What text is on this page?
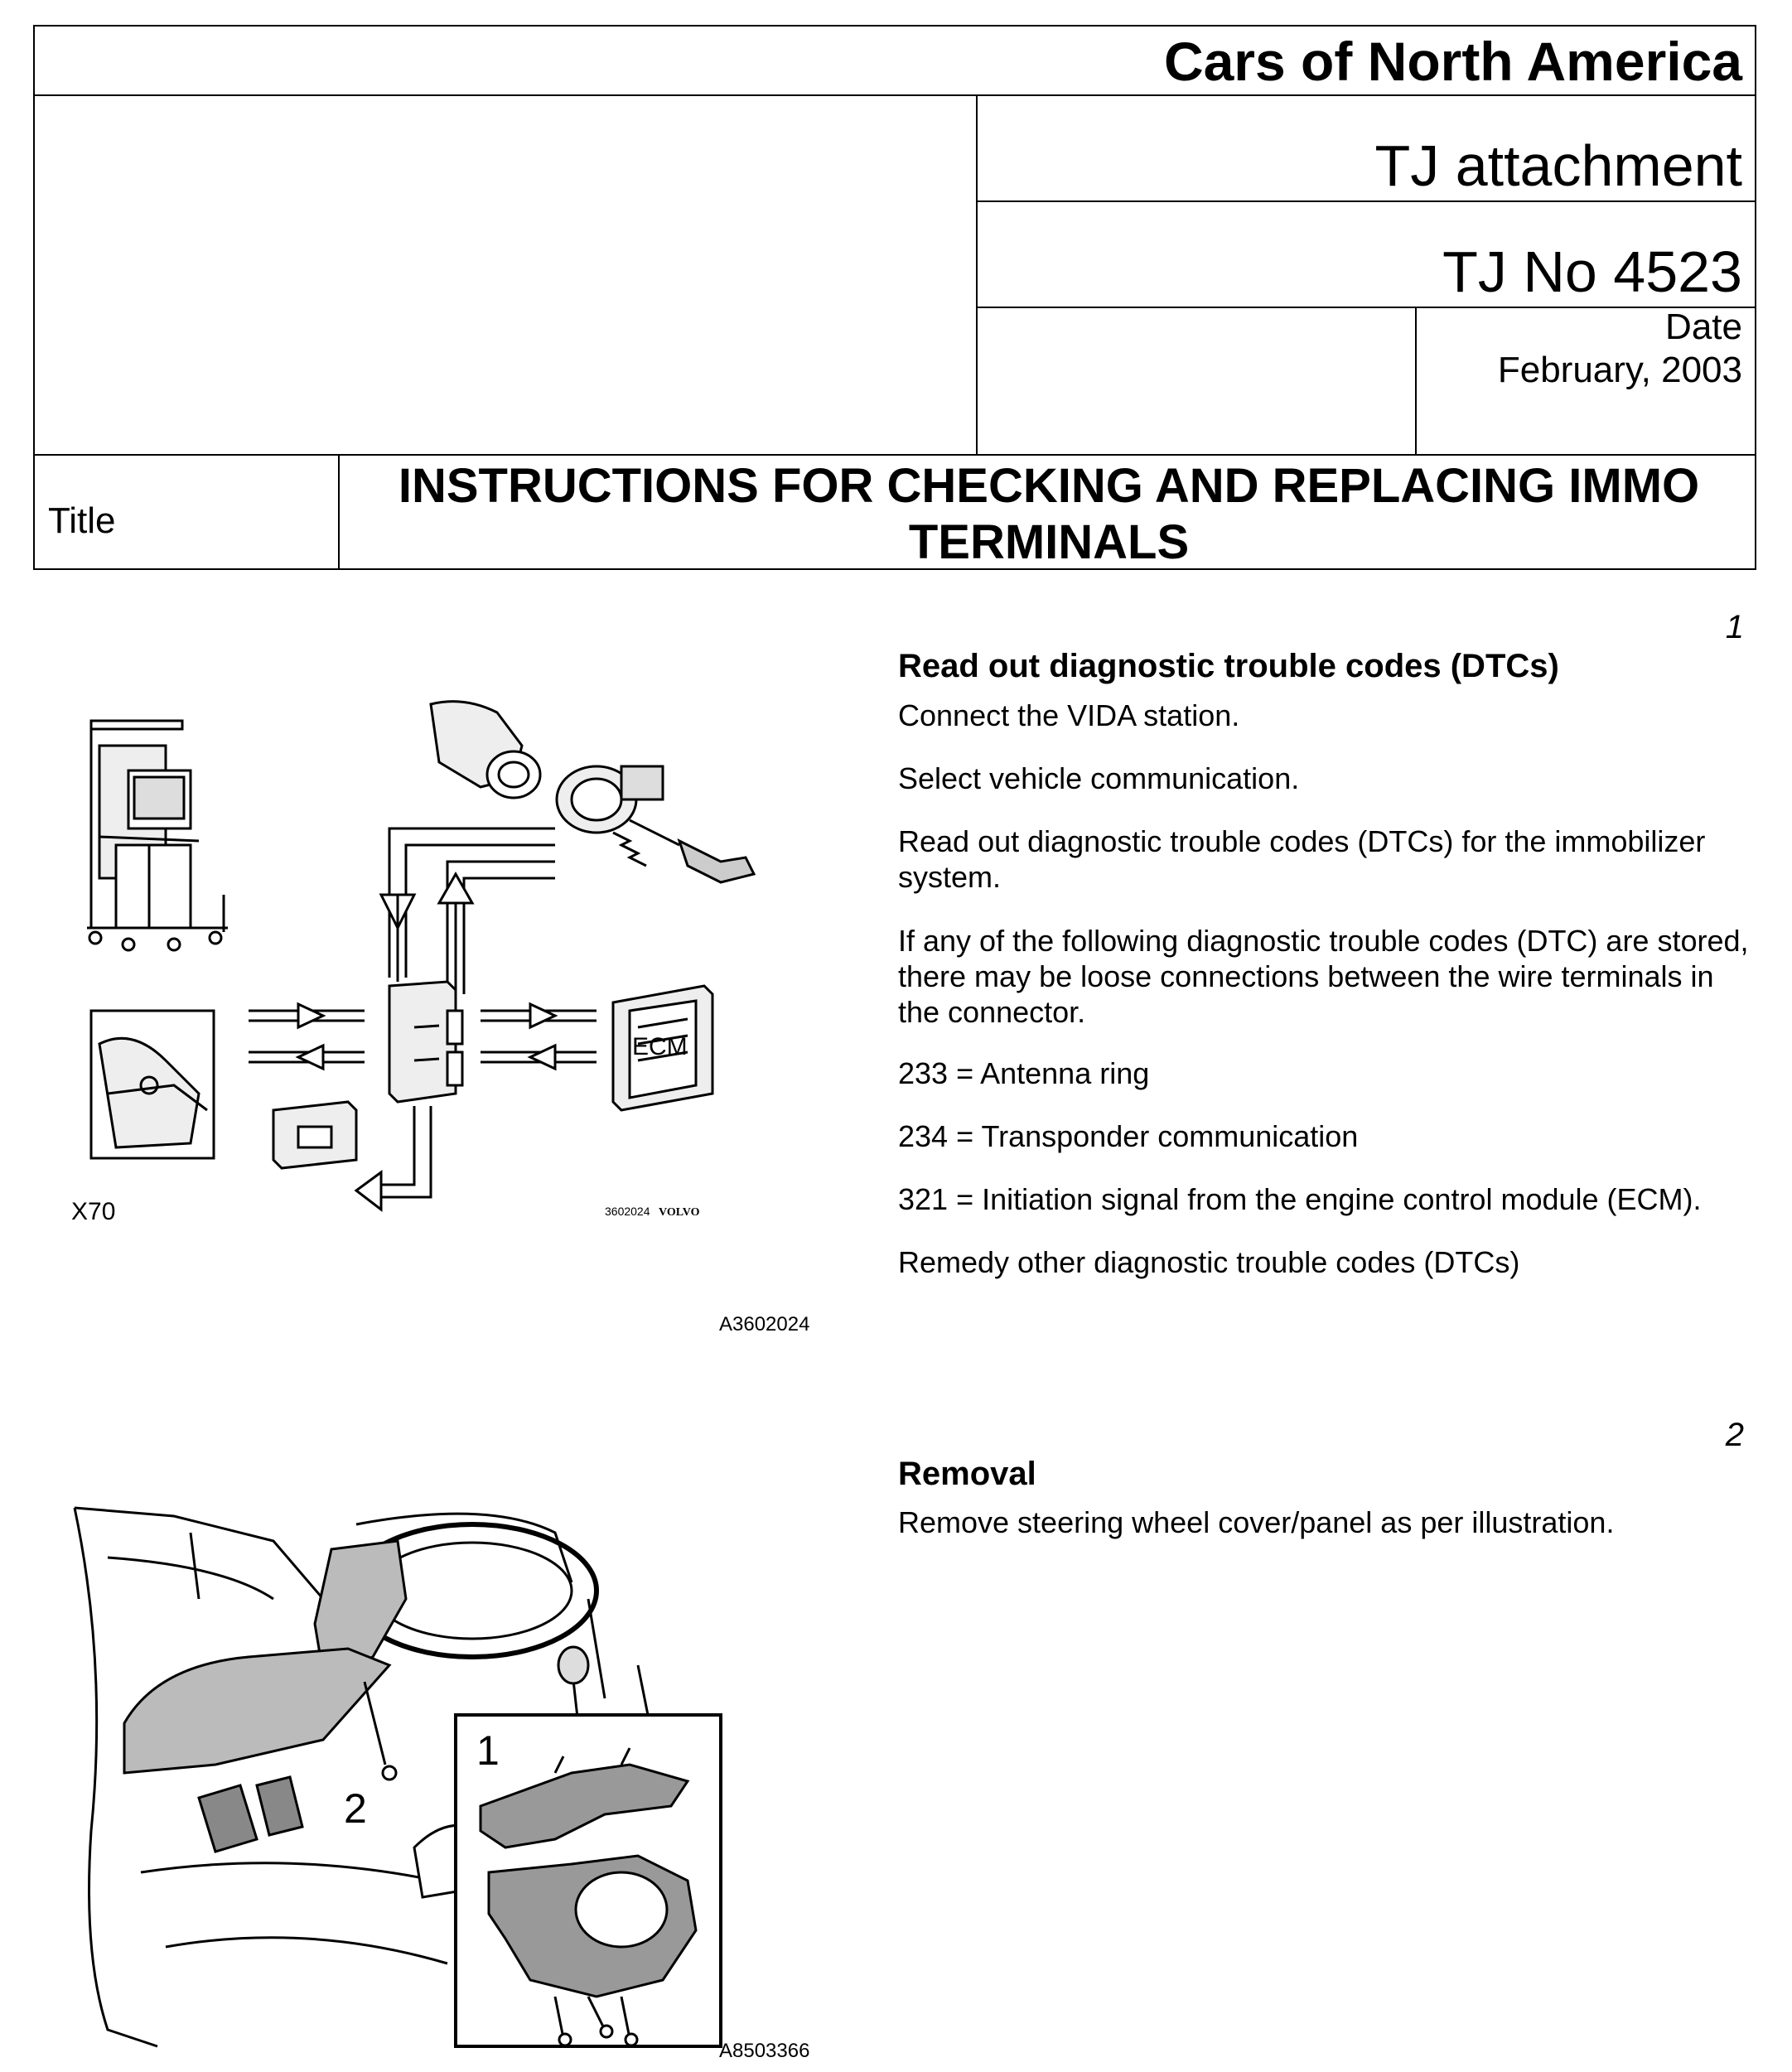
Cars of North America
TJ attachment
TJ No 4523
Date
February, 2003
Title
INSTRUCTIONS FOR CHECKING AND REPLACING IMMO
TERMINALS
1
Read out diagnostic trouble codes (DTCs)

Connect the VIDA station.

Select vehicle communication.

Read out diagnostic trouble codes (DTCs) for the immobilizer system.

If any of the following diagnostic trouble codes (DTC) are stored, there may be loose connections between the wire terminals in the connector.

233 = Antenna ring

234 = Transponder communication

321 = Initiation signal from the engine control module (ECM).

Remedy other diagnostic trouble codes (DTCs)

ECM
X70	3602024 VOLVO
A3602024
2
Removal

Remove steering wheel cover/panel as per illustration.

1
2
A8503366
